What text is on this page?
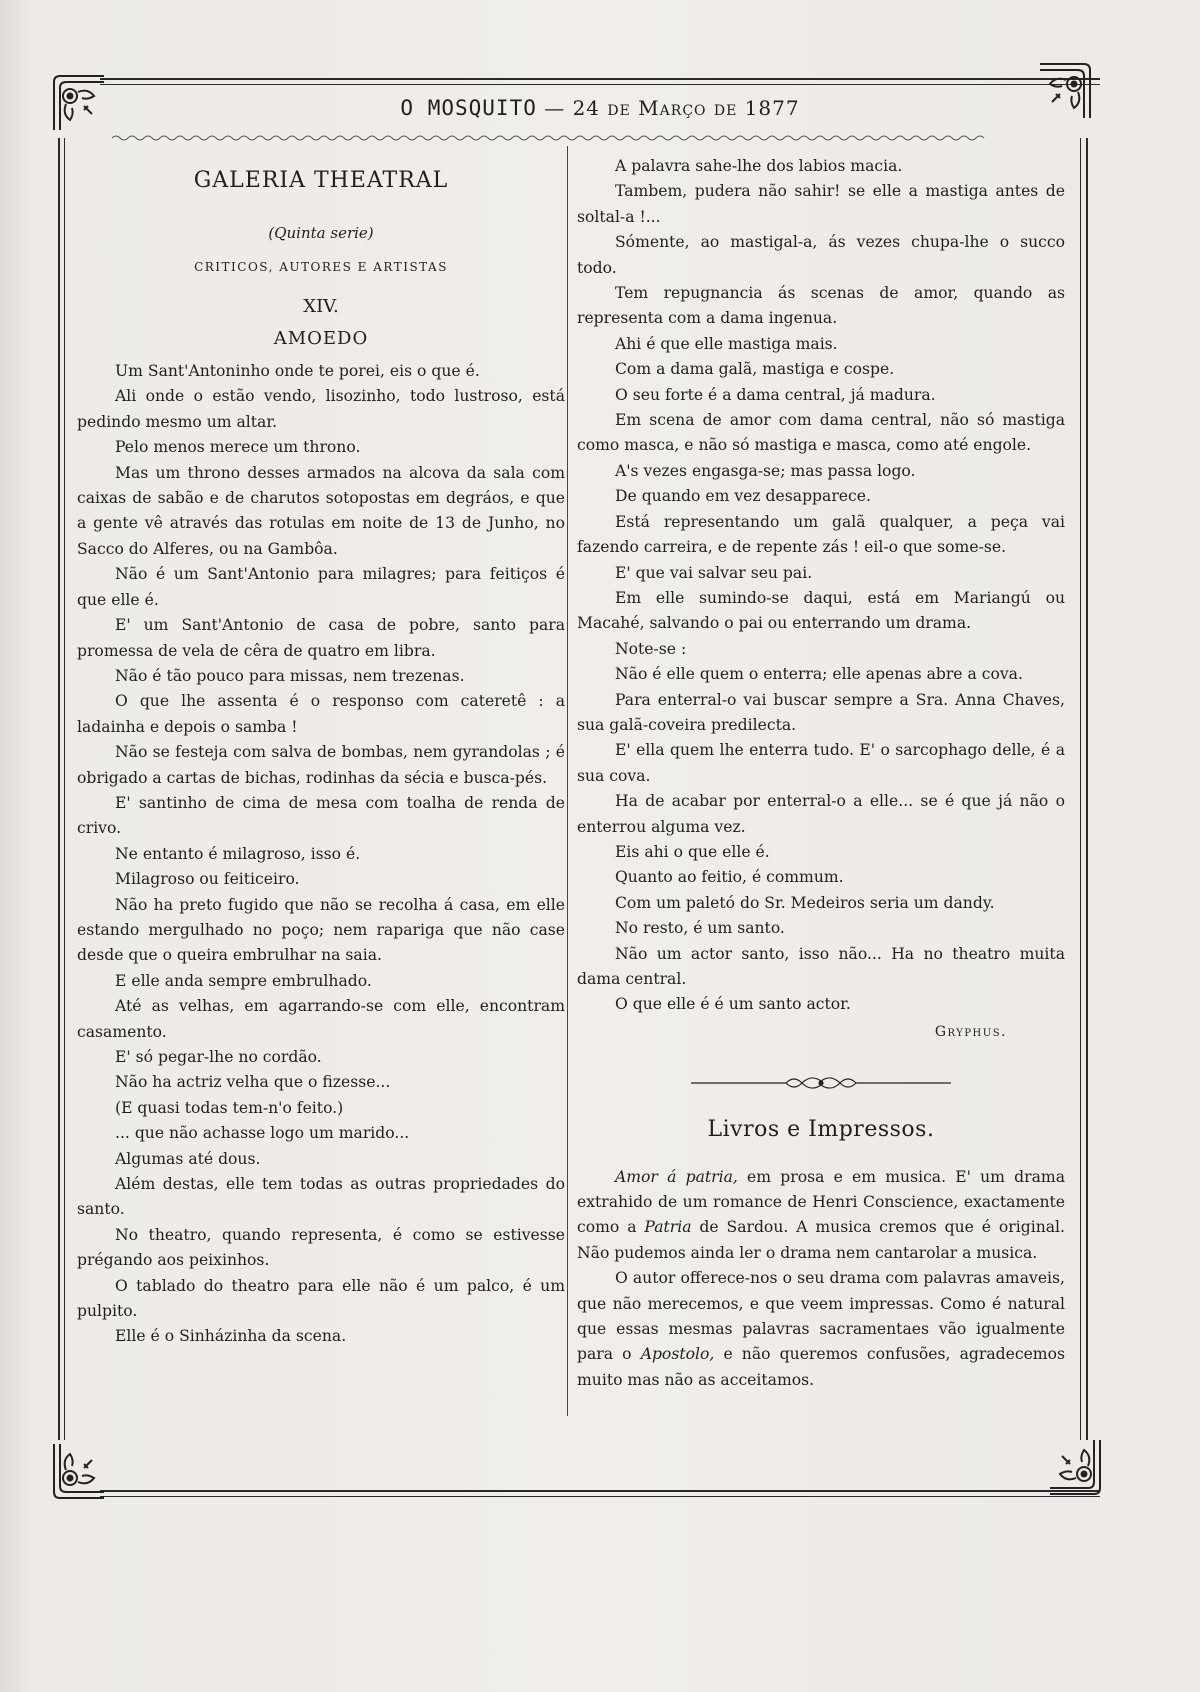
O MOSQUITO — 24 de Março de 1877
GALERIA THEATRAL
(Quinta serie)
CRITICOS, AUTORES E ARTISTAS
XIV.
AMOEDO

Um Sant'Antoninho onde te porei, eis o que é.

Ali onde o estão vendo, lisozinho, todo lustroso, está pedindo mesmo um altar.

Pelo menos merece um throno.

Mas um throno desses armados na alcova da sala com caixas de sabão e de charutos sotopostas em degráos, e que a gente vê através das rotulas em noite de 13 de Junho, no Sacco do Alferes, ou na Gambôa.

Não é um Sant'Antonio para milagres; para feitiços é que elle é.

E' um Sant'Antonio de casa de pobre, santo para promessa de vela de cêra de quatro em libra.

Não é tão pouco para missas, nem trezenas.

O que lhe assenta é o responso com cateretê : a ladainha e depois o samba !

Não se festeja com salva de bombas, nem gyrandolas ; é obrigado a cartas de bichas, rodinhas da sécia e busca-pés.

E' santinho de cima de mesa com toalha de renda de crivo.

Ne entanto é milagroso, isso é.

Milagroso ou feiticeiro.

Não ha preto fugido que não se recolha á casa, em elle estando mergulhado no poço; nem rapariga que não case desde que o queira embrulhar na saia.

E elle anda sempre embrulhado.

Até as velhas, em agarrando-se com elle, encontram casamento.

E' só pegar-lhe no cordão.

Não ha actriz velha que o fizesse...

(E quasi todas tem-n'o feito.)

... que não achasse logo um marido...

Algumas até dous.

Além destas, elle tem todas as outras propriedades do santo.

No theatro, quando representa, é como se estivesse prégando aos peixinhos.

O tablado do theatro para elle não é um palco, é um pulpito.

Elle é o Sinházinha da scena.

A palavra sahe-lhe dos labios macia.

Tambem, pudera não sahir! se elle a mastiga antes de soltal-a !...

Sómente, ao mastigal-a, ás vezes chupa-lhe o succo todo.

Tem repugnancia ás scenas de amor, quando as representa com a dama ingenua.

Ahi é que elle mastiga mais.

Com a dama galã, mastiga e cospe.

O seu forte é a dama central, já madura.

Em scena de amor com dama central, não só mastiga como masca, e não só mastiga e masca, como até engole.

A's vezes engasga-se; mas passa logo.

De quando em vez desapparece.

Está representando um galã qualquer, a peça vai fazendo carreira, e de repente zás ! eil-o que some-se.

E' que vai salvar seu pai.

Em elle sumindo-se daqui, está em Mariangú ou Macahé, salvando o pai ou enterrando um drama.

Note-se :

Não é elle quem o enterra; elle apenas abre a cova.

Para enterral-o vai buscar sempre a Sra. Anna Chaves, sua galã-coveira predilecta.

E' ella quem lhe enterra tudo. E' o sarcophago delle, é a sua cova.

Ha de acabar por enterral-o a elle... se é que já não o enterrou alguma vez.

Eis ahi o que elle é.

Quanto ao feitio, é commum.

Com um paletó do Sr. Medeiros seria um dandy.

No resto, é um santo.

Não um actor santo, isso não... Ha no theatro muita dama central.

O que elle é é um santo actor.

Gryphus.
Livros e Impressos.

Amor á patria, em prosa e em musica. E' um drama extrahido de um romance de Henri Conscience, exactamente como a Patria de Sardou. A musica cremos que é original. Não pudemos ainda ler o drama nem cantarolar a musica.

O autor offerece-nos o seu drama com palavras amaveis, que não merecemos, e que veem impressas. Como é natural que essas mesmas palavras sacramentaes vão igualmente para o Apostolo, e não queremos confusões, agradecemos muito mas não as acceitamos.
